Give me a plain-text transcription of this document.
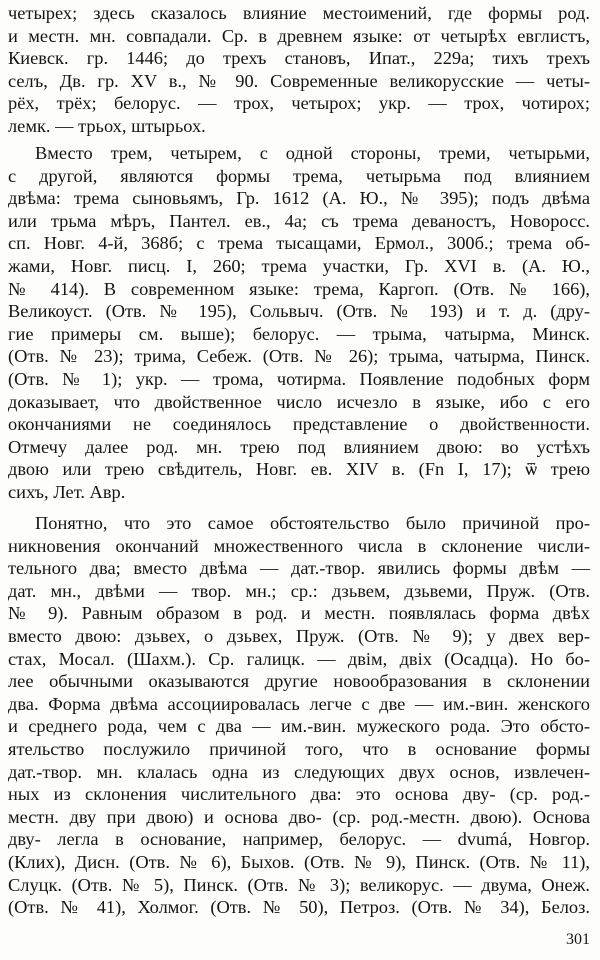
четырех; здесь сказалось влияние местоимений, где формы род.
и местн. мн. совпадали. Ср. в древнем языке: от четырѣх евглистъ,
Киевск. гр. 1446; до трехъ становъ, Ипат., 229а; тихъ трехъ
селъ, Дв. гр. XV в., № 90. Современные великорусские — четы-
рёх, трёх; белорус. — трох, четырох; укр. — трох, чотирох;
лемк. — трьох, штырьох.
Вместо трем, четырем, с одной стороны, треми, четырьми,
с другой, являются формы трема, четырьма под влиянием
двѣма: трема сыновьямъ, Гр. 1612 (А. Ю., № 395); подъ двѣма
или трьма мѣръ, Пантел. ев., 4а; съ трема деваностъ, Новоросс.
сп. Новг. 4-й, 368б; с трема тысащами, Ермол., 300б.; трема об-
жами, Новг. писц. I, 260; трема участки, Гр. XVI в. (А. Ю.,
№ 414). В современном языке: трема, Каргоп. (Отв. № 166),
Великоуст. (Отв. № 195), Сольвыч. (Отв. № 193) и т. д. (дру-
гие примеры см. выше); белорус. — трыма, чатырма, Минск.
(Отв. № 23); трима, Себеж. (Отв. № 26); трыма, чатырма, Пинск.
(Отв. № 1); укр. — трома, чотирма. Появление подобных форм
доказывает, что двойственное число исчезло в языке, ибо с его
окончаниями не соединялось представление о двойственности.
Отмечу далее род. мн. трею под влиянием двою: во устѣхъ
двою или трею свѣдитель, Новг. ев. XIV в. (Fn I, 17); ѿ трею
сихъ, Лет. Авр.
Понятно, что это самое обстоятельство было причиной про-
никновения окончаний множественного числа в склонение числи-
тельного два; вместо двѣма — дат.-твор. явились формы двѣм —
дат. мн., двѣми — твор. мн.; ср.: дзьвем, дзьвеми, Пруж. (Отв.
№ 9). Равным образом в род. и местн. появлялась форма двѣх
вместо двою: дзьвех, о дзьвех, Пруж. (Отв. № 9); у двех вер-
стах, Мосал. (Шахм.). Ср. галицк. — двім, двіх (Осадца). Но бо-
лее обычными оказываются другие новообразования в склонении
два. Форма двѣма ассоциировалась легче с две — им.-вин. женского
и среднего рода, чем с два — им.-вин. мужеского рода. Это обсто-
ятельство послужило причиной того, что в основание формы
дат.-твор. мн. клалась одна из следующих двух основ, извлечен-
ных из склонения числительного два: это основа дву- (ср. род.-
местн. дву при двою) и основа дво- (ср. род.-местн. двою). Основа
дву- легла в основание, например, белорус. — dvumá, Новгор.
(Клих), Дисн. (Отв. № 6), Быхов. (Отв. № 9), Пинск. (Отв. № 11),
Слуцк. (Отв. № 5), Пинск. (Отв. № 3); великорус. — двума, Онеж.
(Отв. № 41), Холмог. (Отв. № 50), Петроз. (Отв. № 34), Белоз.
301
